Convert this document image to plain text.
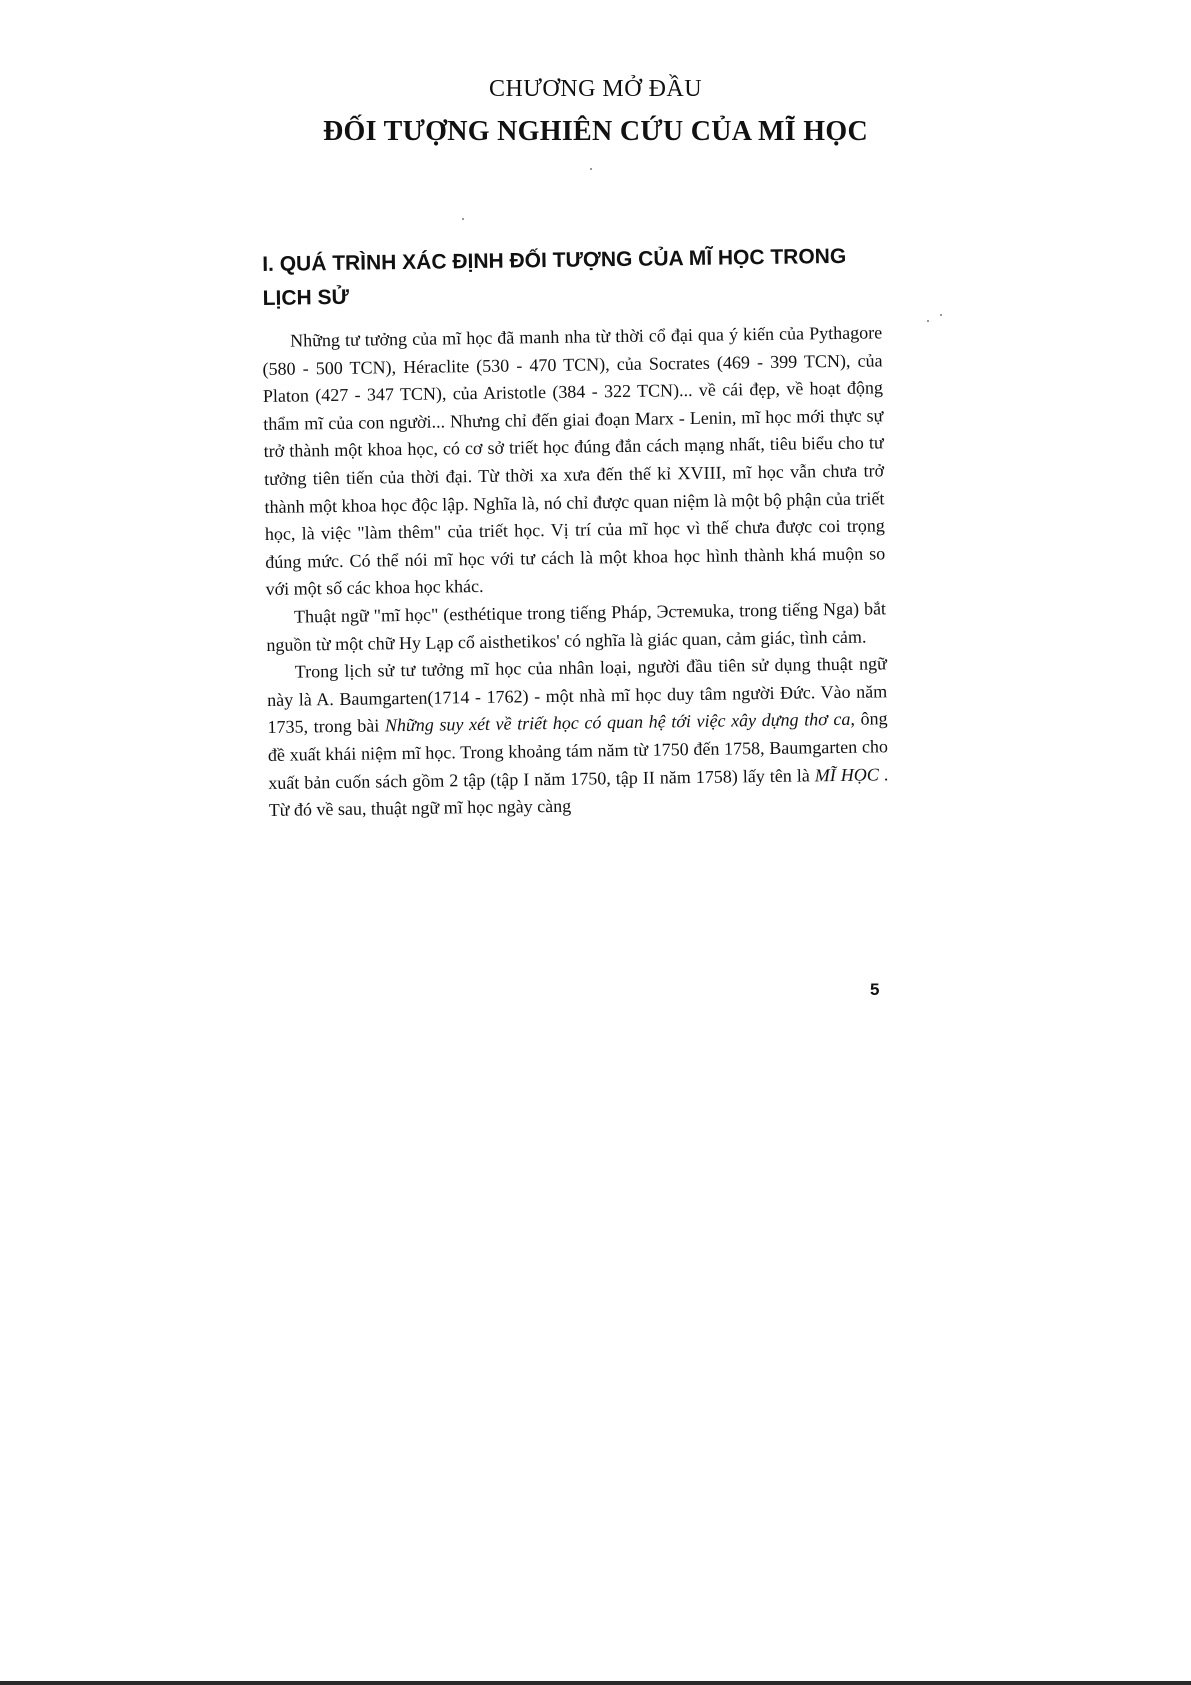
CHƯƠNG MỞ ĐẦU
ĐỐI TƯỢNG NGHIÊN CỨU CỦA MĨ HỌC
I. QUÁ TRÌNH XÁC ĐỊNH ĐỐI TƯỢNG CỦA MĨ HỌC TRONG LỊCH SỬ

Những tư tưởng của mĩ học đã manh nha từ thời cổ đại qua ý kiến của Pythagore (580 - 500 TCN), Héraclite (530 - 470 TCN), của Socrates (469 - 399 TCN), của Platon (427 - 347 TCN), của Aristotle (384 - 322 TCN)... về cái đẹp, về hoạt động thẩm mĩ của con người... Nhưng chỉ đến giai đoạn Marx - Lenin, mĩ học mới thực sự trở thành một khoa học, có cơ sở triết học đúng đắn cách mạng nhất, tiêu biểu cho tư tưởng tiên tiến của thời đại. Từ thời xa xưa đến thế kỉ XVIII, mĩ học vẫn chưa trở thành một khoa học độc lập. Nghĩa là, nó chỉ được quan niệm là một bộ phận của triết học, là việc "làm thêm" của triết học. Vị trí của mĩ học vì thế chưa được coi trọng đúng mức. Có thể nói mĩ học với tư cách là một khoa học hình thành khá muộn so với một số các khoa học khác.

Thuật ngữ "mĩ học" (esthétique trong tiếng Pháp, Эстемuka, trong tiếng Nga) bắt nguồn từ một chữ Hy Lạp cổ aisthetikos' có nghĩa là giác quan, cảm giác, tình cảm.

Trong lịch sử tư tưởng mĩ học của nhân loại, người đầu tiên sử dụng thuật ngữ này là A. Baumgarten(1714 - 1762) - một nhà mĩ học duy tâm người Đức. Vào năm 1735, trong bài Những suy xét về triết học có quan hệ tới việc xây dựng thơ ca, ông đề xuất khái niệm mĩ học. Trong khoảng tám năm từ 1750 đến 1758, Baumgarten cho xuất bản cuốn sách gồm 2 tập (tập I năm 1750, tập II năm 1758) lấy tên là MĨ HỌC . Từ đó về sau, thuật ngữ mĩ học ngày càng

5
